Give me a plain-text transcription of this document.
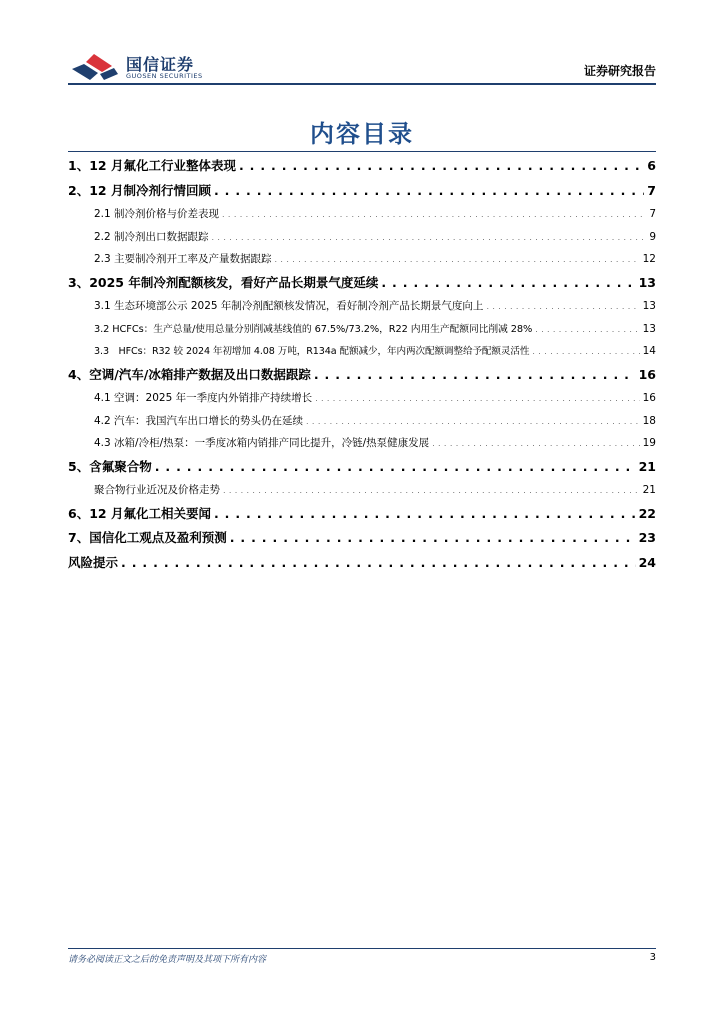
国信证券
GUOSEN SECURITIES	证券研究报告
内容目录
1、12 月氟化工行业整体表现 . . .	6
2、12 月制冷剂行情回顾 . . .	7
2.1 制冷剂价格与价差表现 . . .	7
2.2 制冷剂出口数据跟踪 . . .	9
2.3 主要制冷剂开工率及产量数据跟踪 . . .	12
3、2025 年制冷剂配额核发，看好产品长期景气度延续 . . .	13
3.1 生态环境部公示 2025 年制冷剂配额核发情况，看好制冷剂产品长期景气度向上 . . .	13
3.2 HCFCs：生产总量/使用总量分别削减基线值的 67.5%/73.2%，R22 内用生产配额同比削减 28% . . .	13
3.3　HFCs：R32 较 2024 年初增加 4.08 万吨，R134a 配额减少，年内两次配额调整给予配额灵活性 . . .	14
4、空调/汽车/冰箱排产数据及出口数据跟踪 . . .	16
4.1 空调：2025 年一季度内外销排产持续增长 . . .	16
4.2 汽车：我国汽车出口增长的势头仍在延续 . . .	18
4.3 冰箱/冷柜/热泵：一季度冰箱内销排产同比提升，冷链/热泵健康发展 . . .	19
5、含氟聚合物 . . .	21
聚合物行业近况及价格走势 . . .	21
6、12 月氟化工相关要闻 . . .	22
7、国信化工观点及盈利预测 . . .	23
风险提示 . . .	24
请务必阅读正文之后的免责声明及其项下所有内容	3
